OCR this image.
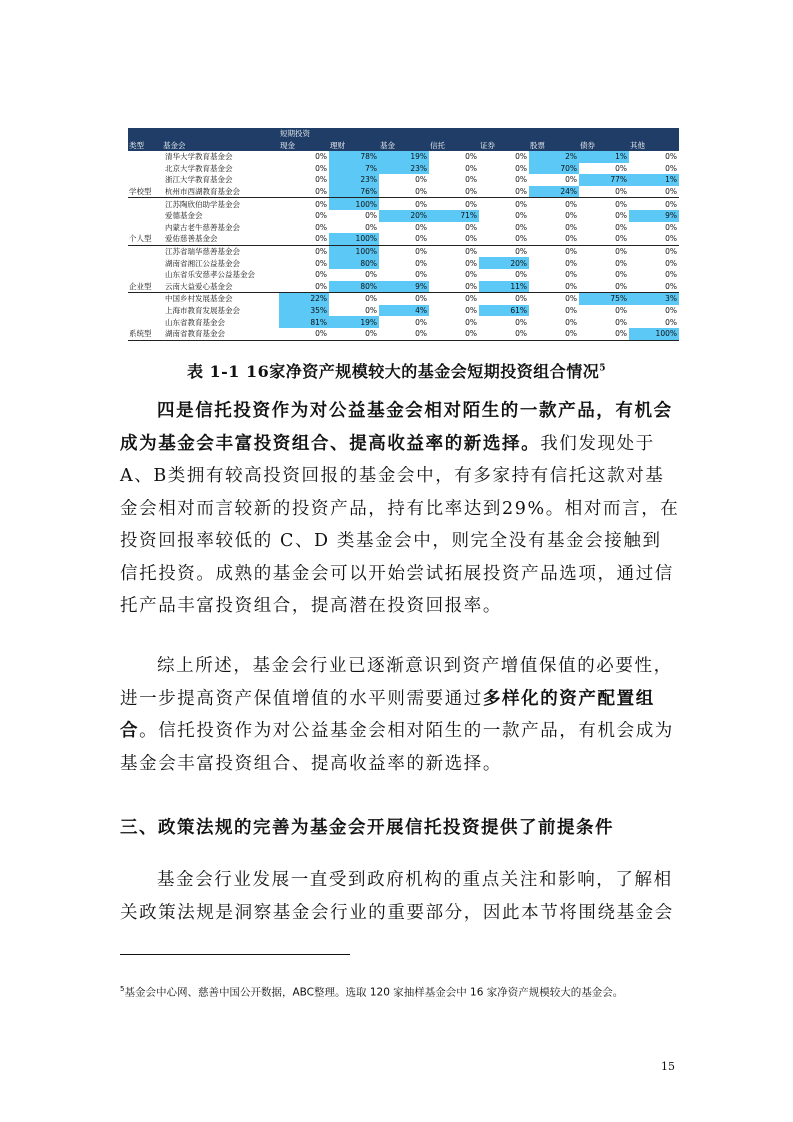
		短期投资							
类型	基金会	现金	理财	基金	信托	证券	股票	债券	其他
	清华大学教育基金会	0%	78%	19%	0%	0%	2%	1%	0%
	北京大学教育基金会	0%	7%	23%	0%	0%	70%	0%	0%
	浙江大学教育基金会	0%	23%	0%	0%	0%	0%	77%	1%
学校型	杭州市西湖教育基金会	0%	76%	0%	0%	0%	24%	0%	0%
	江苏陶欣伯助学基金会	0%	100%	0%	0%	0%	0%	0%	0%
	爱德基金会	0%	0%	20%	71%	0%	0%	0%	9%
	内蒙古老牛慈善基金会	0%	0%	0%	0%	0%	0%	0%	0%
个人型	爱佑慈善基金会	0%	100%	0%	0%	0%	0%	0%	0%
	江苏省瑞华慈善基金会	0%	100%	0%	0%	0%	0%	0%	0%
	湖南省湘江公益基金会	0%	80%	0%	0%	20%	0%	0%	0%
	山东省乐安慈孝公益基金会	0%	0%	0%	0%	0%	0%	0%	0%
企业型	云南大益爱心基金会	0%	80%	9%	0%	11%	0%	0%	0%
	中国乡村发展基金会	22%	0%	0%	0%	0%	0%	75%	3%
	上海市教育发展基金会	35%	0%	4%	0%	61%	0%	0%	0%
	山东省教育基金会	81%	19%	0%	0%	0%	0%	0%	0%
系统型	湖南省教育基金会	0%	0%	0%	0%	0%	0%	0%	100%
表 1-1 16家净资产规模较大的基金会短期投资组合情况$^5$

四是信托投资作为对公益基金会相对陌生的一款产品，有机会成为基金会丰富投资组合、提高收益率的新选择。我们发现处于 A、B类拥有较高投资回报的基金会中，有多家持有信托这款对基金会相对而言较新的投资产品，持有比率达到29%。相对而言，在投资回报率较低的 C、D 类基金会中，则完全没有基金会接触到信托投资。成熟的基金会可以开始尝试拓展投资产品选项，通过信托产品丰富投资组合，提高潜在投资回报率。

综上所述，基金会行业已逐渐意识到资产增值保值的必要性，进一步提高资产保值增值的水平则需要通过多样化的资产配置组合。信托投资作为对公益基金会相对陌生的一款产品，有机会成为基金会丰富投资组合、提高收益率的新选择。

三、政策法规的完善为基金会开展信托投资提供了前提条件

基金会行业发展一直受到政府机构的重点关注和影响，了解相关政策法规是洞察基金会行业的重要部分，因此本节将围绕基金会

$^5$基金会中心网、慈善中国公开数据，ABC整理。选取 120 家抽样基金会中 16 家净资产规模较大的基金会。

15
